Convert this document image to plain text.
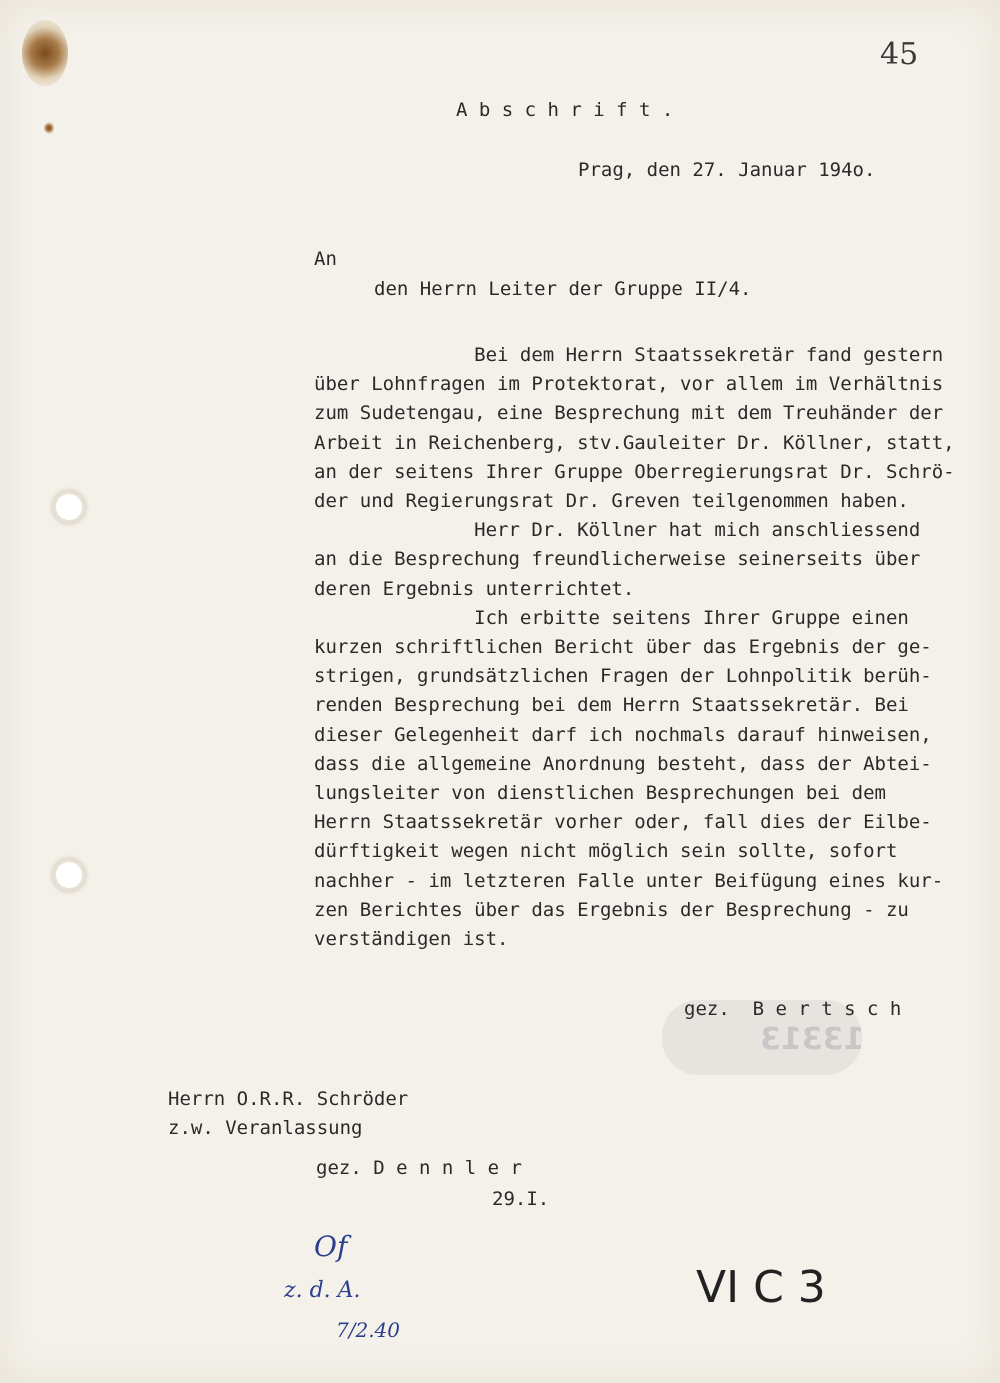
45
A b s c h r i f t .
Prag, den 27. Januar 194o.
An
den Herrn Leiter der Gruppe II/4.
Bei dem Herrn Staatssekretär fand gestern
über Lohnfragen im Protektorat, vor allem im Verhältnis
zum Sudetengau, eine Besprechung mit dem Treuhänder der
Arbeit in Reichenberg, stv.Gauleiter Dr. Köllner, statt,
an der seitens Ihrer Gruppe Oberregierungsrat Dr. Schrö-
der und Regierungsrat Dr. Greven teilgenommen haben.
Herr Dr. Köllner hat mich anschliessend
an die Besprechung freundlicherweise seinerseits über
deren Ergebnis unterrichtet.
Ich erbitte seitens Ihrer Gruppe einen
kurzen schriftlichen Bericht über das Ergebnis der ge-
strigen, grundsätzlichen Fragen der Lohnpolitik berüh-
renden Besprechung bei dem Herrn Staatssekretär. Bei
dieser Gelegenheit darf ich nochmals darauf hinweisen,
dass die allgemeine Anordnung besteht, dass der Abtei-
lungsleiter von dienstlichen Besprechungen bei dem
Herrn Staatssekretär vorher oder, fall dies der Eilbe-
dürftigkeit wegen nicht möglich sein sollte, sofort
nachher - im letzteren Falle unter Beifügung eines kur-
zen Berichtes über das Ergebnis der Besprechung - zu
verständigen ist.
13313
gez.  B e r t s c h
Herrn O.R.R. Schröder
z.w. Veranlassung
gez. D e n n l e r
29.I.
Of
z. d. A.
7/2.40
VI C 3
